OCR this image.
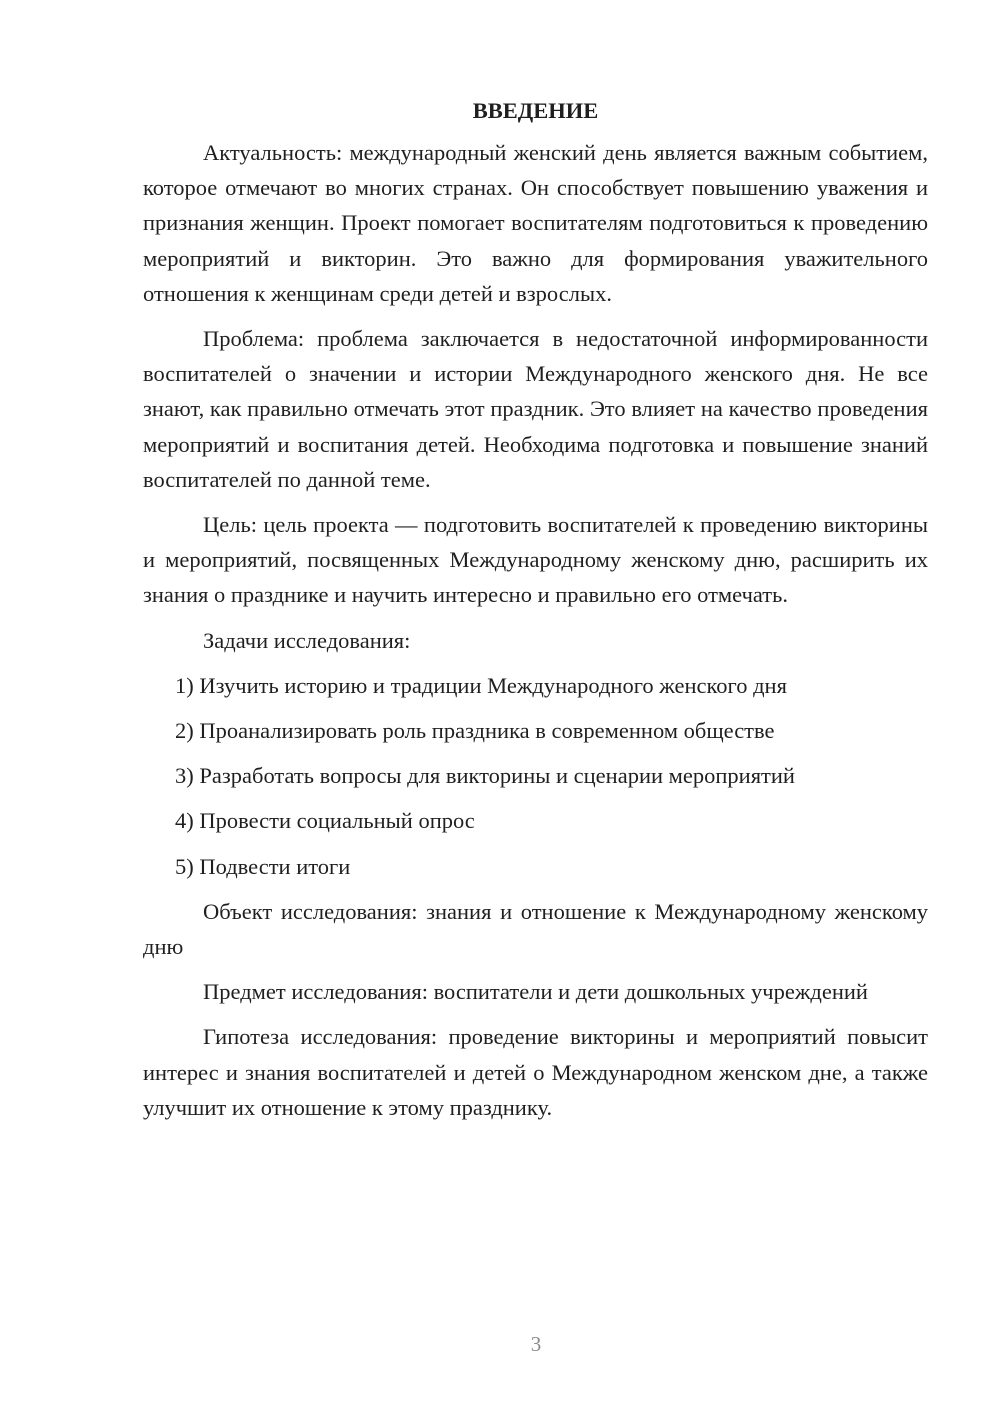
ВВЕДЕНИЕ

Актуальность: международный женский день является важным событием, которое отмечают во многих странах. Он способствует повышению уважения и признания женщин. Проект помогает воспитателям подготовиться к проведению мероприятий и викторин. Это важно для формирования уважительного отношения к женщинам среди детей и взрослых.

Проблема: проблема заключается в недостаточной информированности воспитателей о значении и истории Международного женского дня. Не все знают, как правильно отмечать этот праздник. Это влияет на качество проведения мероприятий и воспитания детей. Необходима подготовка и повышение знаний воспитателей по данной теме.

Цель: цель проекта — подготовить воспитателей к проведению викторины и мероприятий, посвященных Международному женскому дню, расширить их знания о празднике и научить интересно и правильно его отмечать.

Задачи исследования:

1) Изучить историю и традиции Международного женского дня
2) Проанализировать роль праздника в современном обществе
3) Разработать вопросы для викторины и сценарии мероприятий
4) Провести социальный опрос
5) Подвести итоги

Объект исследования: знания и отношение к Международному женскому дню

Предмет исследования: воспитатели и дети дошкольных учреждений

Гипотеза исследования: проведение викторины и мероприятий повысит интерес и знания воспитателей и детей о Международном женском дне, а также улучшит их отношение к этому празднику.

3
